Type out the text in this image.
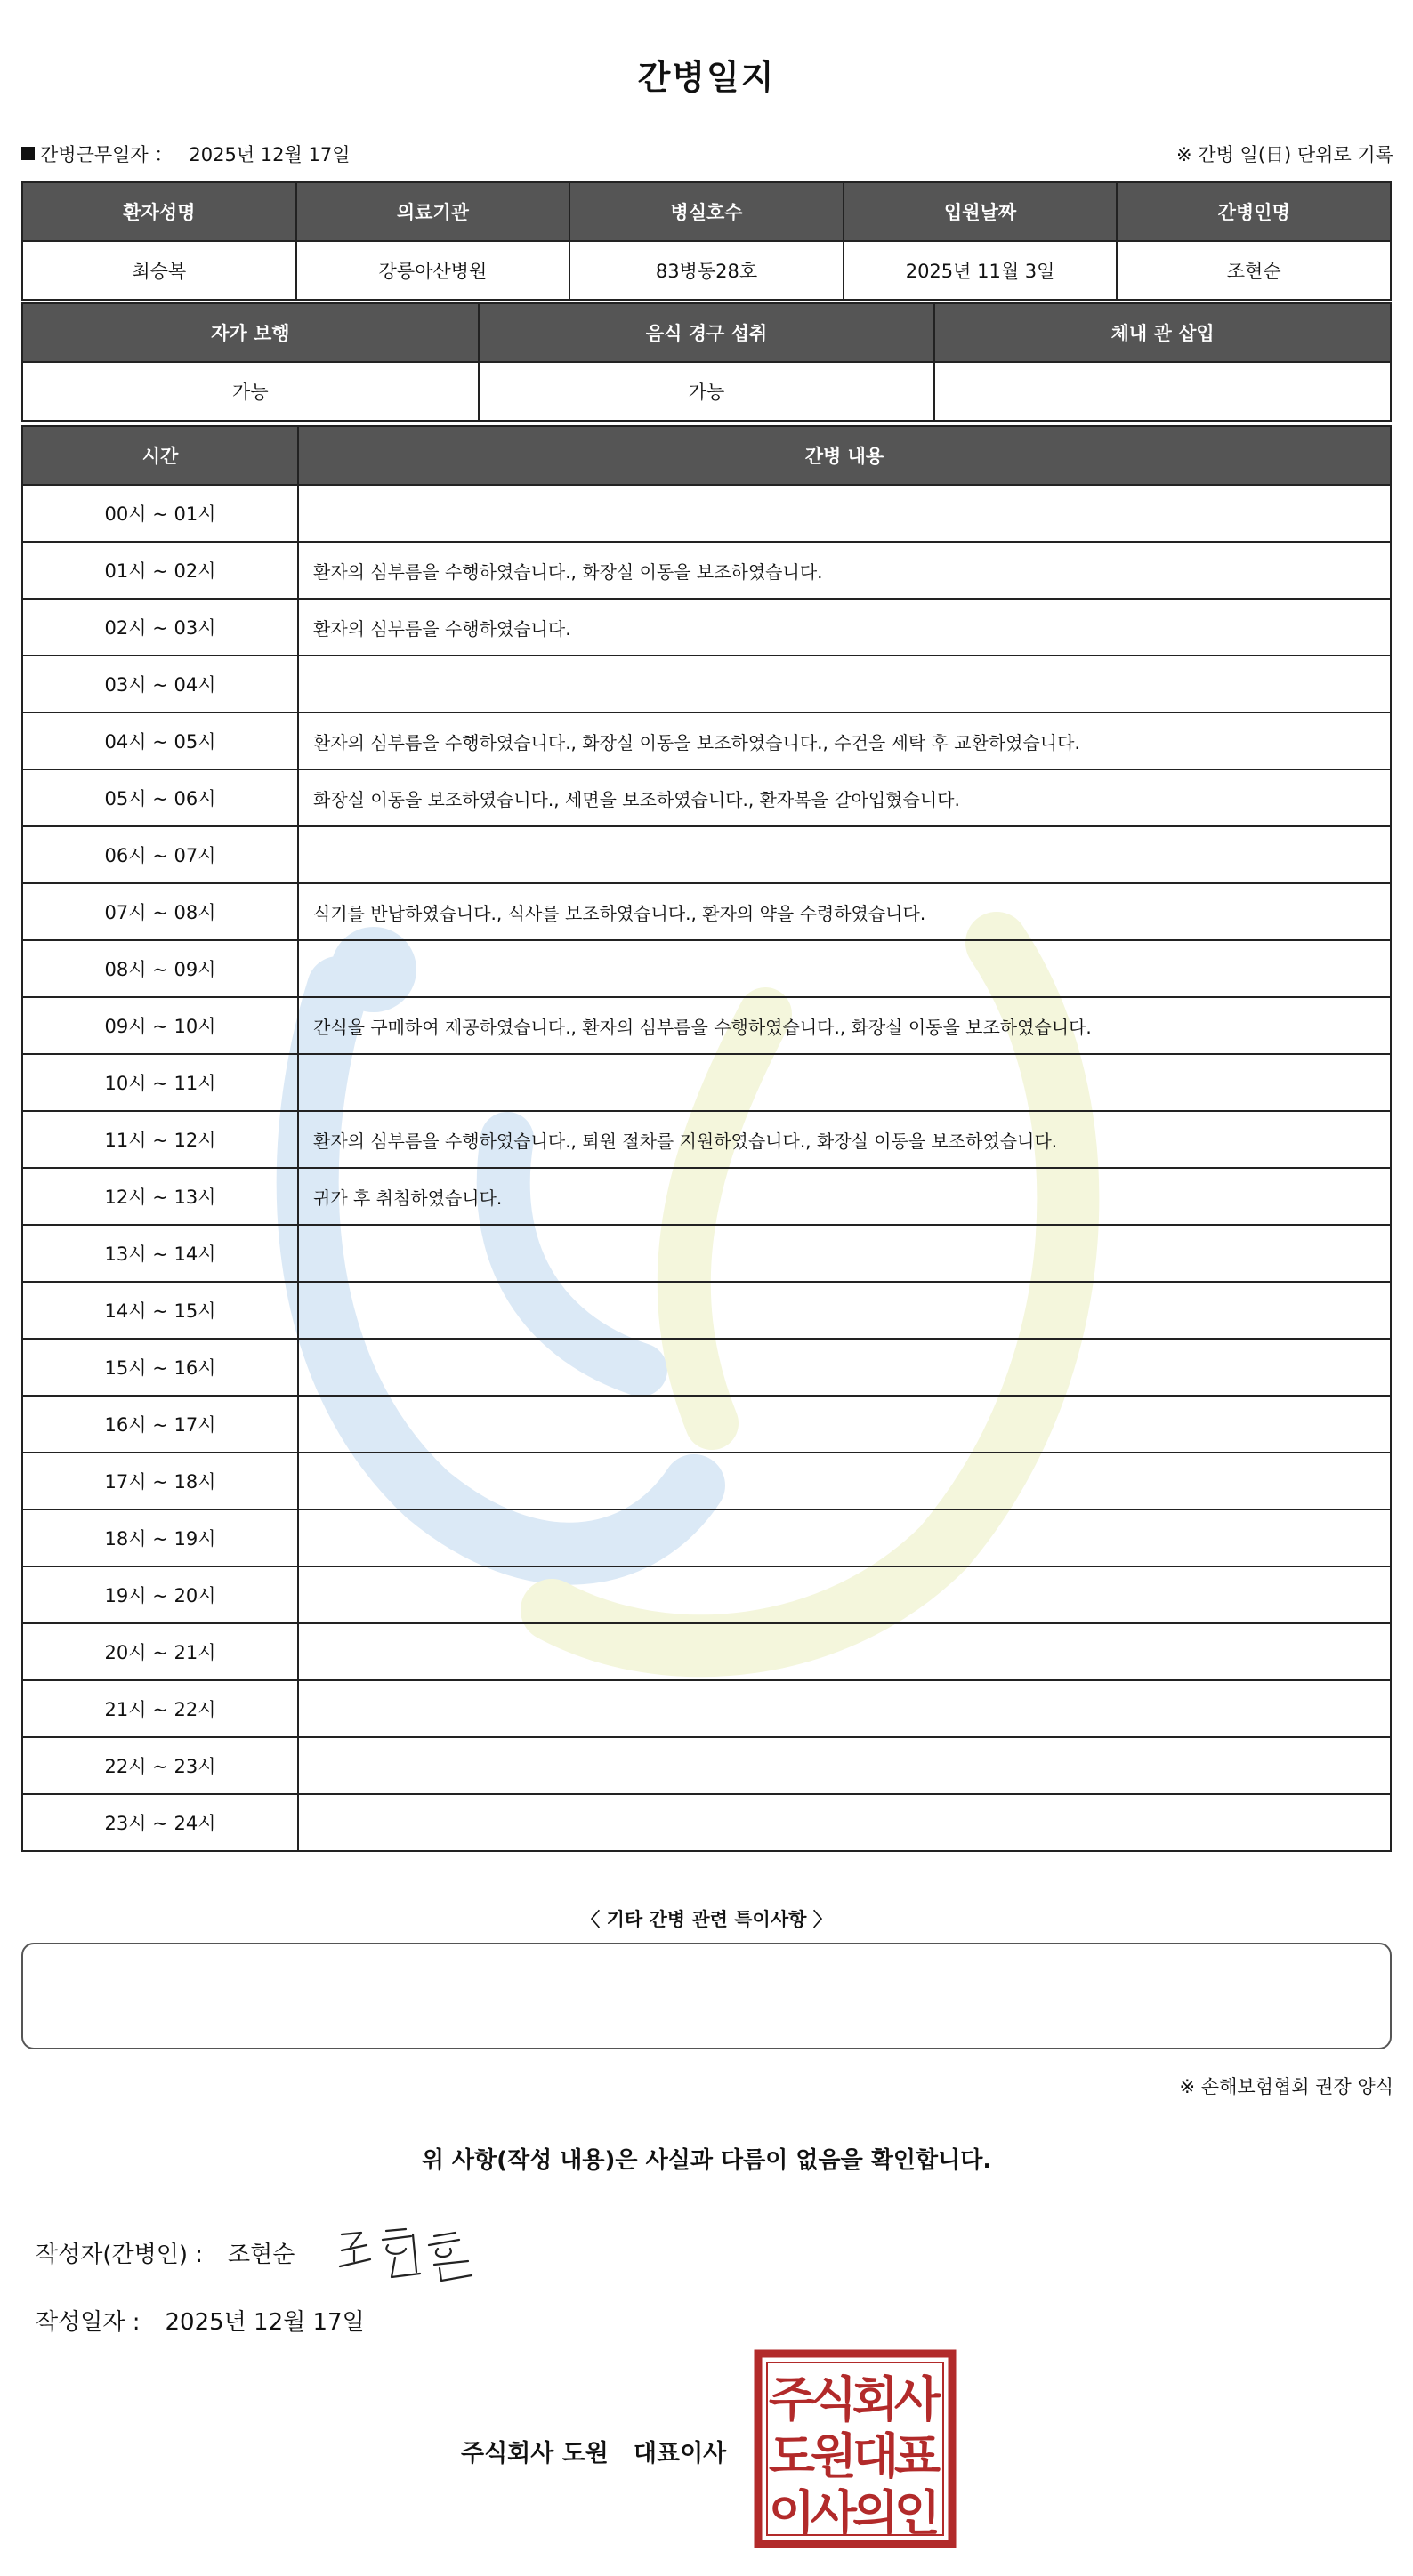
간병일지
간병근무일자 ： 2025년 12월 17일	※ 간병 일(日) 단위로 기록
환자성명	의료기관	병실호수	입원날짜	간병인명
최승복	강릉아산병원	83병동28호	2025년 11월 3일	조현순
자가 보행	음식 경구 섭취	체내 관 삽입
가능	가능	
시간	간병 내용
00시 ~ 01시	
01시 ~ 02시	환자의 심부름을 수행하였습니다., 화장실 이동을 보조하였습니다.
02시 ~ 03시	환자의 심부름을 수행하였습니다.
03시 ~ 04시	
04시 ~ 05시	환자의 심부름을 수행하였습니다., 화장실 이동을 보조하였습니다., 수건을 세탁 후 교환하였습니다.
05시 ~ 06시	화장실 이동을 보조하였습니다., 세면을 보조하였습니다., 환자복을 갈아입혔습니다.
06시 ~ 07시	
07시 ~ 08시	식기를 반납하였습니다., 식사를 보조하였습니다., 환자의 약을 수령하였습니다.
08시 ~ 09시	
09시 ~ 10시	간식을 구매하여 제공하였습니다., 환자의 심부름을 수행하였습니다., 화장실 이동을 보조하였습니다.
10시 ~ 11시	
11시 ~ 12시	환자의 심부름을 수행하였습니다., 퇴원 절차를 지원하였습니다., 화장실 이동을 보조하였습니다.
12시 ~ 13시	귀가 후 취침하였습니다.
13시 ~ 14시	
14시 ~ 15시	
15시 ~ 16시	
16시 ~ 17시	
17시 ~ 18시	
18시 ~ 19시	
19시 ~ 20시	
20시 ~ 21시	
21시 ~ 22시	
22시 ~ 23시	
23시 ~ 24시	
〈 기타 간병 관련 특이사항 〉
※ 손해보험협회 권장 양식
위 사항(작성 내용)은 사실과 다름이 없음을 확인합니다.
작성자(간병인) : 조현순
작성일자 : 2025년 12월 17일
주식회사 도원 대표이사
주
식
회
사
도
원
대
표
이
사
의
인
